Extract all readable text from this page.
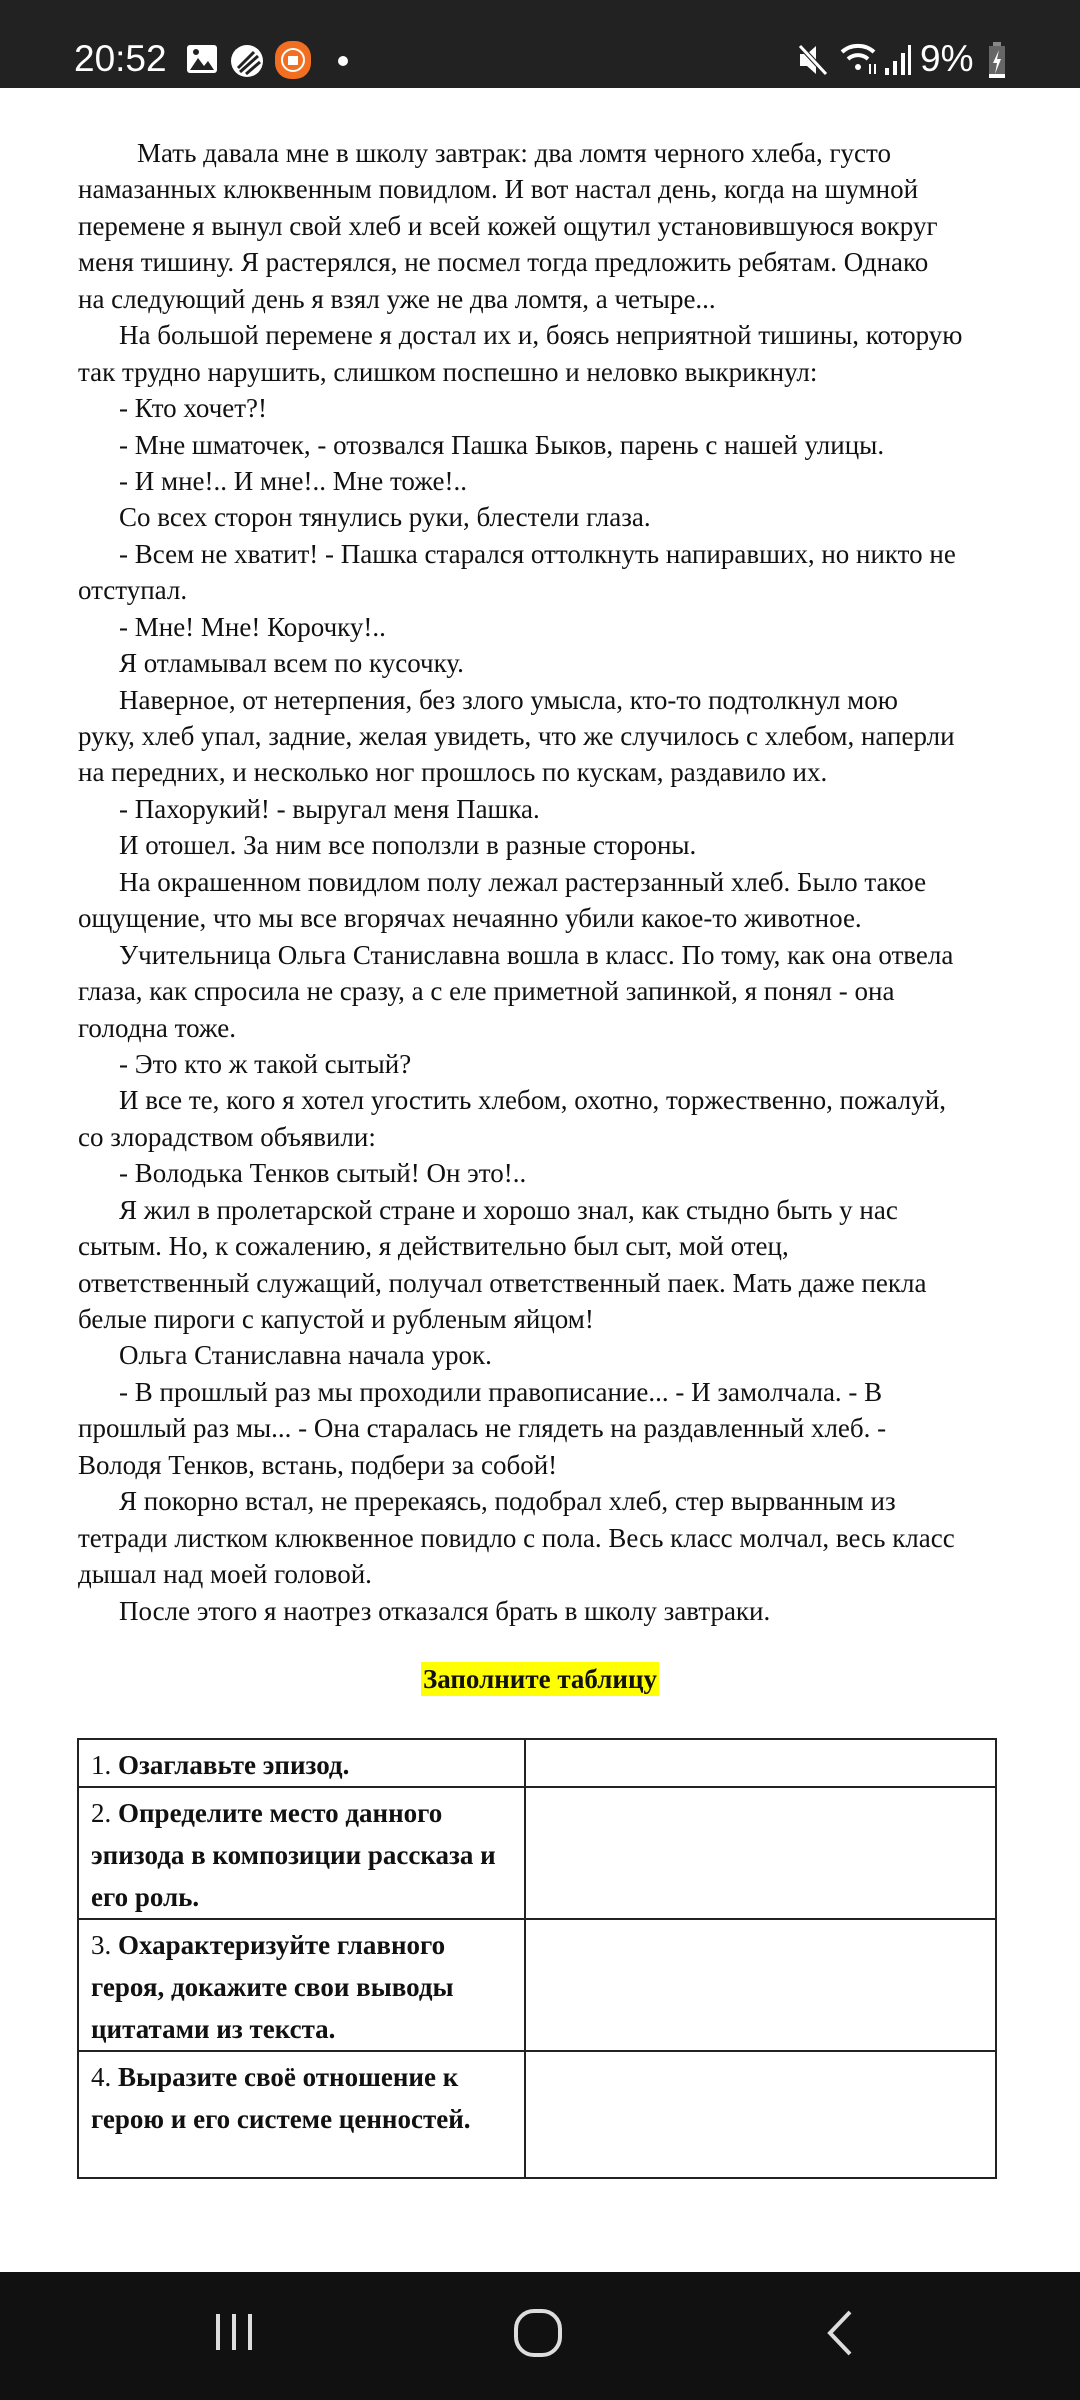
20:52	9%
Мать давала мне в школу завтрак: два ломтя черного хлеба, густо
намазанных клюквенным повидлом. И вот настал день, когда на шумной
перемене я вынул свой хлеб и всей кожей ощутил установившуюся вокруг
меня тишину. Я растерялся, не посмел тогда предложить ребятам. Однако
на следующий день я взял уже не два ломтя, а четыре...
На большой перемене я достал их и, боясь неприятной тишины, которую
так трудно нарушить, слишком поспешно и неловко выкрикнул:
- Кто хочет?!
- Мне шматочек, - отозвался Пашка Быков, парень с нашей улицы.
- И мне!.. И мне!.. Мне тоже!..
Со всех сторон тянулись руки, блестели глаза.
- Всем не хватит! - Пашка старался оттолкнуть напиравших, но никто не
отступал.
- Мне! Мне! Корочку!..
Я отламывал всем по кусочку.
Наверное, от нетерпения, без злого умысла, кто-то подтолкнул мою
руку, хлеб упал, задние, желая увидеть, что же случилось с хлебом, наперли
на передних, и несколько ног прошлось по кускам, раздавило их.
- Пахорукий! - выругал меня Пашка.
И отошел. За ним все поползли в разные стороны.
На окрашенном повидлом полу лежал растерзанный хлеб. Было такое
ощущение, что мы все вгорячах нечаянно убили какое-то животное.
Учительница Ольга Станиславна вошла в класс. По тому, как она отвела
глаза, как спросила не сразу, а с еле приметной запинкой, я понял - она
голодна тоже.
- Это кто ж такой сытый?
И все те, кого я хотел угостить хлебом, охотно, торжественно, пожалуй,
со злорадством объявили:
- Володька Тенков сытый! Он это!..
Я жил в пролетарской стране и хорошо знал, как стыдно быть у нас
сытым. Но, к сожалению, я действительно был сыт, мой отец,
ответственный служащий, получал ответственный паек. Мать даже пекла
белые пироги с капустой и рубленым яйцом!
Ольга Станиславна начала урок.
- В прошлый раз мы проходили правописание... - И замолчала. - В
прошлый раз мы... - Она старалась не глядеть на раздавленный хлеб. -
Володя Тенков, встань, подбери за собой!
Я покорно встал, не пререкаясь, подобрал хлеб, стер вырванным из
тетради листком клюквенное повидло с пола. Весь класс молчал, весь класс
дышал над моей головой.
После этого я наотрез отказался брать в школу завтраки.
Заполните таблицу
1. Озаглавьте эпизод.	
2. Определите место данного эпизода в композиции рассказа и его роль.	
3. Охарактеризуйте главного героя, докажите свои выводы цитатами из текста.	
4. Выразите своё отношение к герою и его системе ценностей.	
